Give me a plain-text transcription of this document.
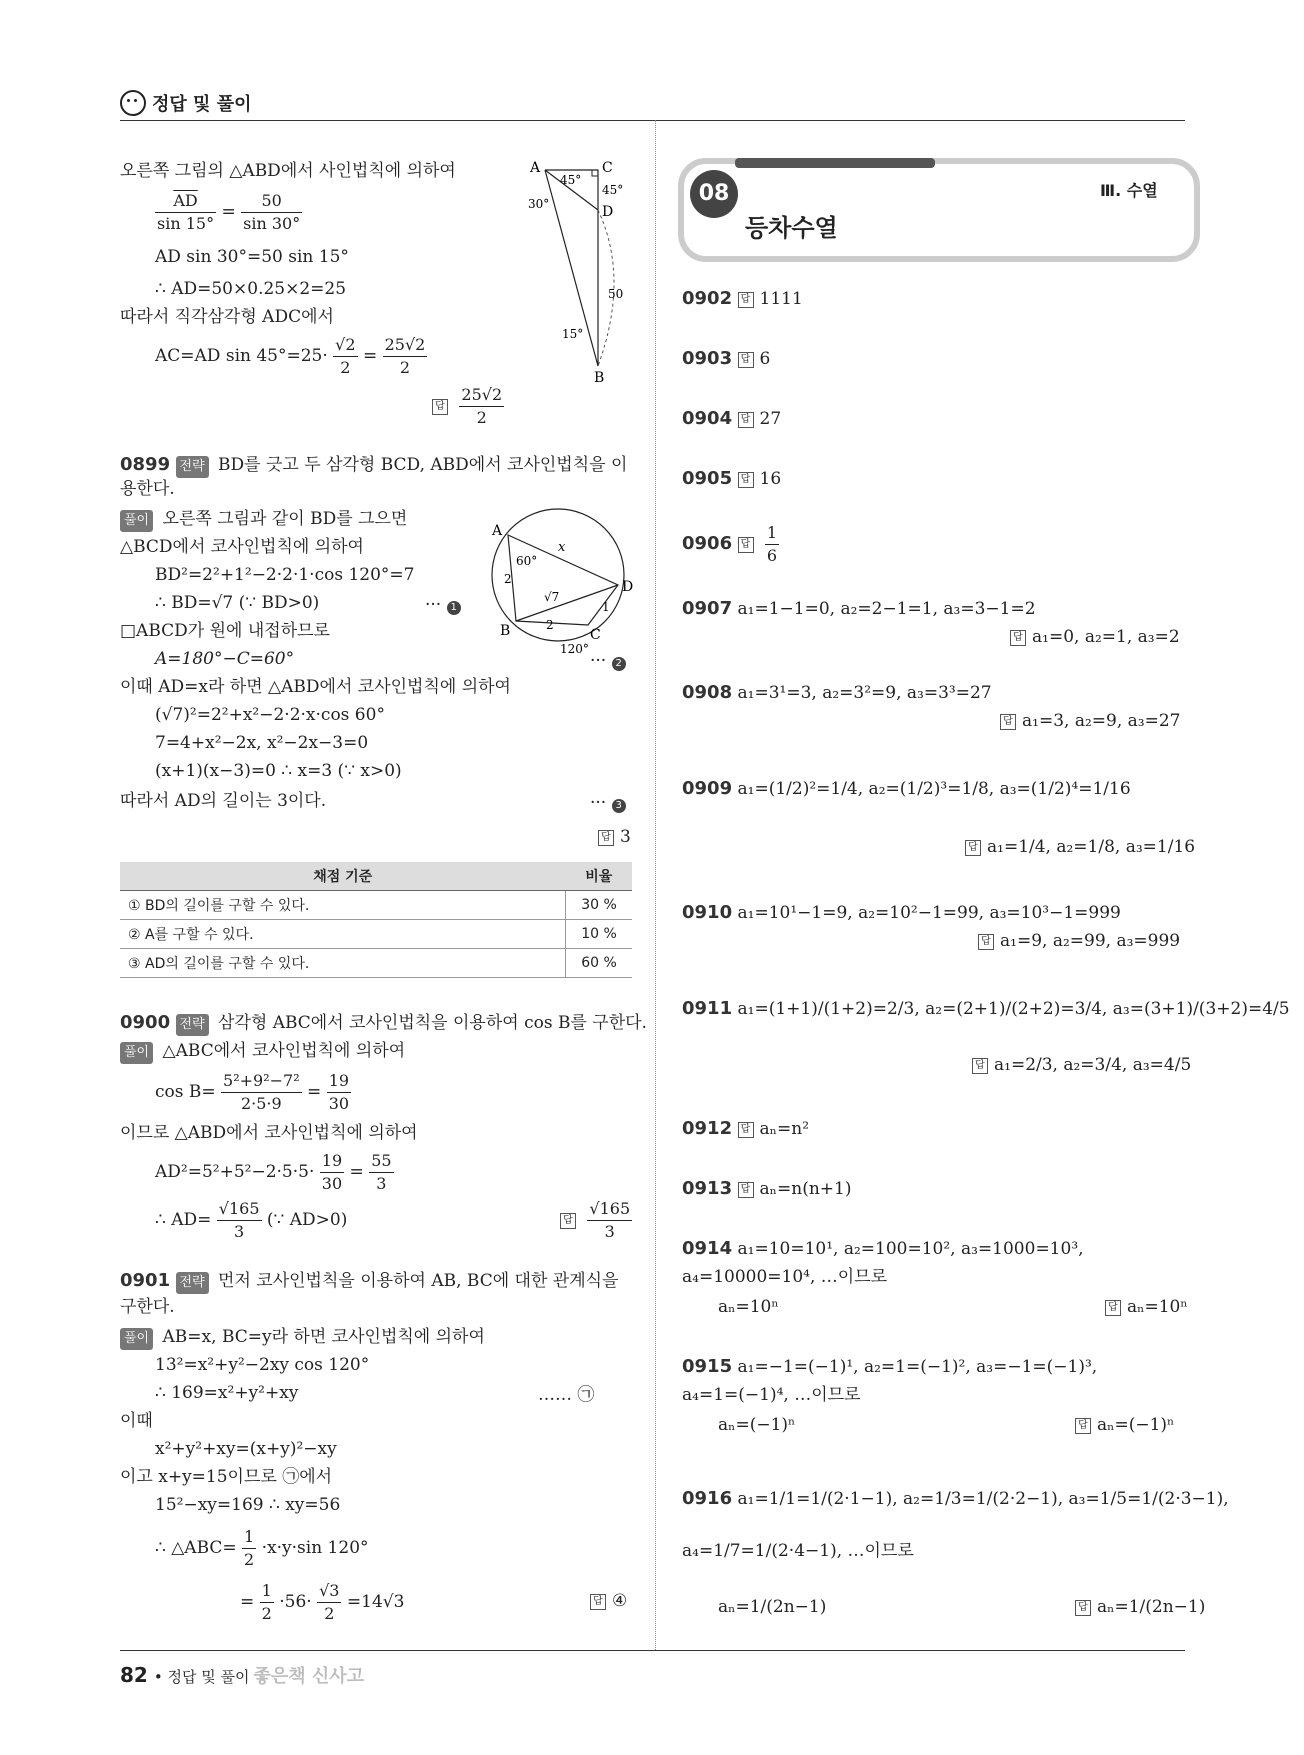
정답 및 풀이
오른쪽 그림의 △ABD에서 사인법칙에 의하여
$\frac{\overline{AD}}{\sin 15^\circ} = \frac{50}{\sin 30^\circ}$
AD sin 30°=50 sin 15°
∴ AD=50×0.25×2=25
따라서 직각삼각형 ADC에서
AC=AD $\sin 45^\circ=25\cdot \frac{√2}{2} = \frac{25√2}{2}$
답 $\frac{25√2}{2}$
A	C
D
B
45°
45°
30°
15°
50
0899 전략 BD를 긋고 두 삼각형 BCD, ABD에서 코사인법칙을 이
용한다.
풀이 오른쪽 그림과 같이 BD를 그으면
△BCD에서 코사인법칙에 의하여
BD²=2²+1²−2·2·1·cos 120°=7
∴ BD=√7 (∵ BD>0)	··· 1
□ABCD가 원에 내접하므로
A=180°−C=60°	··· 2
이때 AD=x라 하면 △ABD에서 코사인법칙에 의하여
(√7)²=2²+x²−2·2·x·cos 60°
7=4+x²−2x, x²−2x−3=0
(x+1)(x−3)=0 ∴ x=3 (∵ x>0)
따라서 AD의 길이는 3이다.	··· 3
답 3
A
B	C
D
60°
120°
x
2
2
1
√7
채점 기준	비율
① BD의 길이를 구할 수 있다.	30 %
② A를 구할 수 있다.	10 %
③ AD의 길이를 구할 수 있다.	60 %
0900 전략 삼각형 ABC에서 코사인법칙을 이용하여 cos B를 구한다.
풀이 △ABC에서 코사인법칙에 의하여
$\cos B= \frac{\text{5²+9²−7²}}{2\cdot 5\cdot 9} = \frac{19}{30}$
이므로 △ABD에서 코사인법칙에 의하여
$AD^2=5^2+5^2-2\cdot 5\cdot 5\cdot \frac{19}{30} = \frac{55}{3}$
∴ $AD= \frac{√165}{3}$ (∵ AD>0)	답 $\frac{√165}{3}$
0901 전략 먼저 코사인법칙을 이용하여 AB, BC에 대한 관계식을
구한다.
풀이 AB=x, BC=y라 하면 코사인법칙에 의하여
13²=x²+y²−2xy cos 120°
∴ 169=x²+y²+xy	…… ㉠
이때
x²+y²+xy=(x+y)²−xy
이고 x+y=15이므로 ㉠에서
15²−xy=169 ∴ xy=56
∴ △ABC= $\frac{1}{2} \cdot x\cdot y\cdot\sin$ 120°
= $\frac{1}{2} \cdot 56\cdot \frac{√3}{2} =14√3$	답 ④
08
등차수열
Ⅲ. 수열
0902 답 1111
0903 답 6
0904 답 27
0905 답 16
0906 답 $\frac{1}{6}$
0907 a₁=1−1=0, a₂=2−1=1, a₃=3−1=2
답 a₁=0, a₂=1, a₃=2
0908 a₁=3¹=3, a₂=3²=9, a₃=3³=27
답 a₁=3, a₂=9, a₃=27
0909 a₁=(1/2)²=1/4, a₂=(1/2)³=1/8, a₃=(1/2)⁴=1/16
답 a₁=1/4, a₂=1/8, a₃=1/16
0910 a₁=10¹−1=9, a₂=10²−1=99, a₃=10³−1=999
답 a₁=9, a₂=99, a₃=999
0911 a₁=(1+1)/(1+2)=2/3, a₂=(2+1)/(2+2)=3/4, a₃=(3+1)/(3+2)=4/5
답 a₁=2/3, a₂=3/4, a₃=4/5
0912 답 aₙ=n²
0913 답 aₙ=n(n+1)
0914 a₁=10=10¹, a₂=100=10², a₃=1000=10³,
a₄=10000=10⁴, …이므로
aₙ=10ⁿ	답 aₙ=10ⁿ
0915 a₁=−1=(−1)¹, a₂=1=(−1)², a₃=−1=(−1)³,
a₄=1=(−1)⁴, …이므로
aₙ=(−1)ⁿ	답 aₙ=(−1)ⁿ
0916 a₁=1/1=1/(2·1−1), a₂=1/3=1/(2·2−1), a₃=1/5=1/(2·3−1),
a₄=1/7=1/(2·4−1), …이므로
aₙ=1/(2n−1)	답 aₙ=1/(2n−1)
82 • 정답 및 풀이 좋은책 신사고
